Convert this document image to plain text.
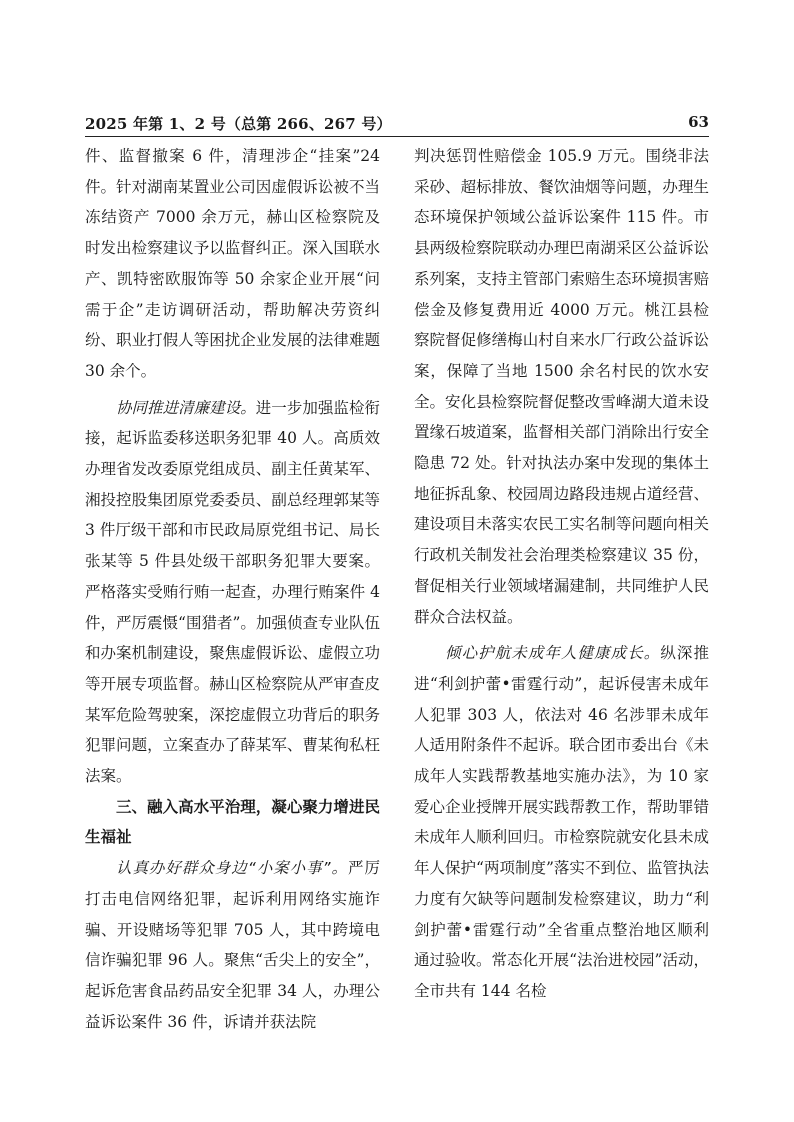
2025 年第 1、2 号（总第 266、267 号）	63

件、监督撤案 6 件，清理涉企“挂案”24 件。针对湖南某置业公司因虚假诉讼被不当冻结资产 7000 余万元，赫山区检察院及时发出检察建议予以监督纠正。深入国联水产、凯特密欧服饰等 50 余家企业开展“问需于企”走访调研活动，帮助解决劳资纠纷、职业打假人等困扰企业发展的法律难题 30 余个。

协同推进清廉建设。进一步加强监检衔接，起诉监委移送职务犯罪 40 人。高质效办理省发改委原党组成员、副主任黄某军、湘投控股集团原党委委员、副总经理郭某等 3 件厅级干部和市民政局原党组书记、局长张某等 5 件县处级干部职务犯罪大要案。严格落实受贿行贿一起查，办理行贿案件 4 件，严厉震慑“围猎者”。加强侦查专业队伍和办案机制建设，聚焦虚假诉讼、虚假立功等开展专项监督。赫山区检察院从严审查皮某军危险驾驶案，深挖虚假立功背后的职务犯罪问题，立案查办了薛某军、曹某徇私枉法案。

三、融入高水平治理，凝心聚力增进民生福祉

认真办好群众身边“小案小事”。严厉打击电信网络犯罪，起诉利用网络实施诈骗、开设赌场等犯罪 705 人，其中跨境电信诈骗犯罪 96 人。聚焦“舌尖上的安全”，起诉危害食品药品安全犯罪 34 人，办理公益诉讼案件 36 件，诉请并获法院

判决惩罚性赔偿金 105.9 万元。围绕非法采砂、超标排放、餐饮油烟等问题，办理生态环境保护领域公益诉讼案件 115 件。市县两级检察院联动办理巴南湖采区公益诉讼系列案，支持主管部门索赔生态环境损害赔偿金及修复费用近 4000 万元。桃江县检察院督促修缮梅山村自来水厂行政公益诉讼案，保障了当地 1500 余名村民的饮水安全。安化县检察院督促整改雪峰湖大道未设置缘石坡道案，监督相关部门消除出行安全隐患 72 处。针对执法办案中发现的集体土地征拆乱象、校园周边路段违规占道经营、建设项目未落实农民工实名制等问题向相关行政机关制发社会治理类检察建议 35 份，督促相关行业领域堵漏建制，共同维护人民群众合法权益。

倾心护航未成年人健康成长。纵深推进“利剑护蕾•雷霆行动”，起诉侵害未成年人犯罪 303 人，依法对 46 名涉罪未成年人适用附条件不起诉。联合团市委出台《未成年人实践帮教基地实施办法》，为 10 家爱心企业授牌开展实践帮教工作，帮助罪错未成年人顺利回归。市检察院就安化县未成年人保护“两项制度”落实不到位、监管执法力度有欠缺等问题制发检察建议，助力“利剑护蕾•雷霆行动”全省重点整治地区顺利通过验收。常态化开展“法治进校园”活动，全市共有 144 名检
